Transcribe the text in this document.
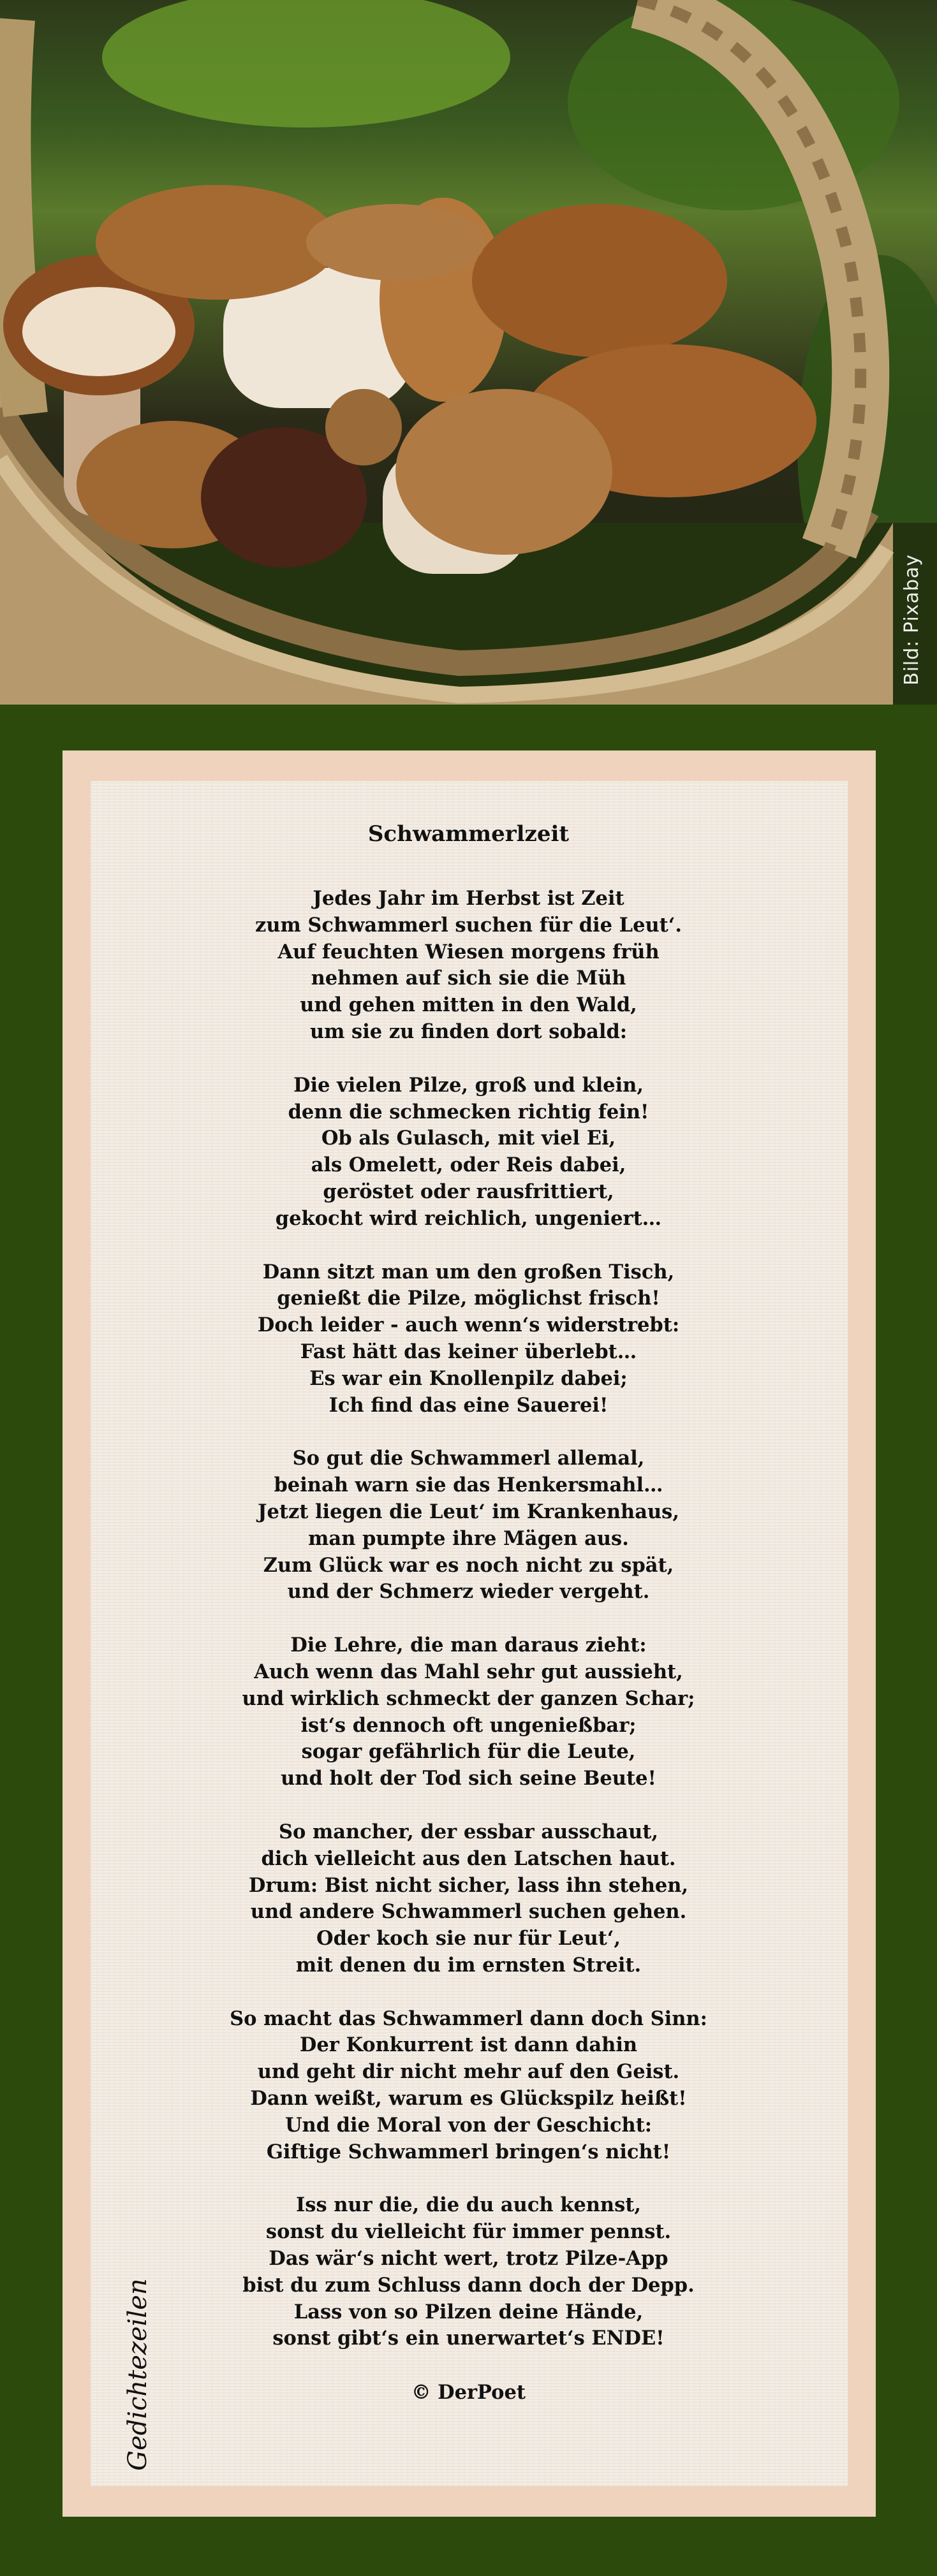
Bild: Pixabay
Schwammerlzeit
Jedes Jahr im Herbst ist Zeit
zum Schwammerl suchen für die Leut‘.
Auf feuchten Wiesen morgens früh
nehmen auf sich sie die Müh
und gehen mitten in den Wald,
um sie zu finden dort sobald:
Die vielen Pilze, groß und klein,
denn die schmecken richtig fein!
Ob als Gulasch, mit viel Ei,
als Omelett, oder Reis dabei,
geröstet oder rausfrittiert,
gekocht wird reichlich, ungeniert…
Dann sitzt man um den großen Tisch,
genießt die Pilze, möglichst frisch!
Doch leider - auch wenn‘s widerstrebt:
Fast hätt das keiner überlebt…
Es war ein Knollenpilz dabei;
Ich find das eine Sauerei!
So gut die Schwammerl allemal,
beinah warn sie das Henkersmahl…
Jetzt liegen die Leut‘ im Krankenhaus,
man pumpte ihre Mägen aus.
Zum Glück war es noch nicht zu spät,
und der Schmerz wieder vergeht.
Die Lehre, die man daraus zieht:
Auch wenn das Mahl sehr gut aussieht,
und wirklich schmeckt der ganzen Schar;
ist‘s dennoch oft ungenießbar;
sogar gefährlich für die Leute,
und holt der Tod sich seine Beute!
So mancher, der essbar ausschaut,
dich vielleicht aus den Latschen haut.
Drum: Bist nicht sicher, lass ihn stehen,
und andere Schwammerl suchen gehen.
Oder koch sie nur für Leut‘,
mit denen du im ernsten Streit.
So macht das Schwammerl dann doch Sinn:
Der Konkurrent ist dann dahin
und geht dir nicht mehr auf den Geist.
Dann weißt, warum es Glückspilz heißt!
Und die Moral von der Geschicht:
Giftige Schwammerl bringen‘s nicht!
Iss nur die, die du auch kennst,
sonst du vielleicht für immer pennst.
Das wär‘s nicht wert, trotz Pilze-App
bist du zum Schluss dann doch der Depp.
Lass von so Pilzen deine Hände,
sonst gibt‘s ein unerwartet‘s ENDE!
© DerPoet
Gedichtezeilen
